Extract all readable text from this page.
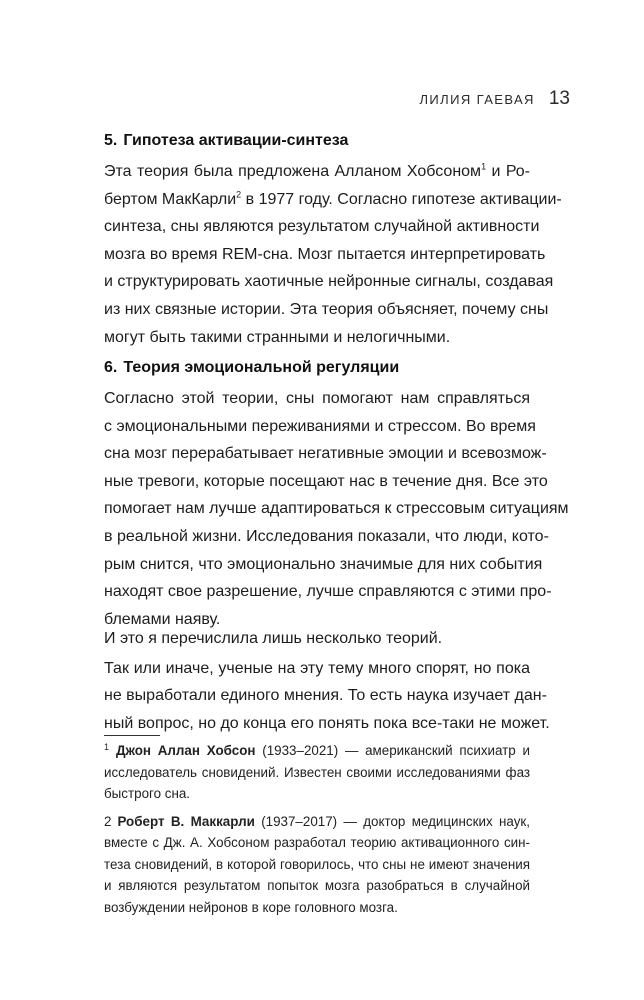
ЛИЛИЯ ГАЕВАЯ 13
5. Гипотеза активации-синтеза
Эта теория была предложена Алланом Хобсоном$^1$ и Ро-
бертом МакКарли$^2$ в 1977 году. Согласно гипотезе активации-
синтеза, сны являются результатом случайной активности
мозга во время REM-сна. Мозг пытается интерпретировать
и структурировать хаотичные нейронные сигналы, создавая
из них связные истории. Эта теория объясняет, почему сны
могут быть такими странными и нелогичными.
6. Теория эмоциональной регуляции
Согласно этой теории, сны помогают нам справляться
с эмоциональными переживаниями и стрессом. Во время
сна мозг перерабатывает негативные эмоции и всевозмож-
ные тревоги, которые посещают нас в течение дня. Все это
помогает нам лучше адаптироваться к стрессовым ситуациям
в реальной жизни. Исследования показали, что люди, кото-
рым снится, что эмоционально значимые для них события
находят свое разрешение, лучше справляются с этими про-
блемами наяву.
И это я перечислила лишь несколько теорий.
Так или иначе, ученые на эту тему много спорят, но пока
не выработали единого мнения. То есть наука изучает дан-
ный вопрос, но до конца его понять пока все-таки не может.
$^1$ Джон Аллан Хобсон (1933–2021) — американский психиатр и
исследователь сновидений. Известен своими исследованиями фаз
быстрого сна.
2 Роберт В. Маккарли (1937–2017) — доктор медицинских наук,
вместе с Дж. А. Хобсоном разработал теорию активационного син-
теза сновидений, в которой говорилось, что сны не имеют значения
и являются результатом попыток мозга разобраться в случайной
возбуждении нейронов в коре головного мозга.
